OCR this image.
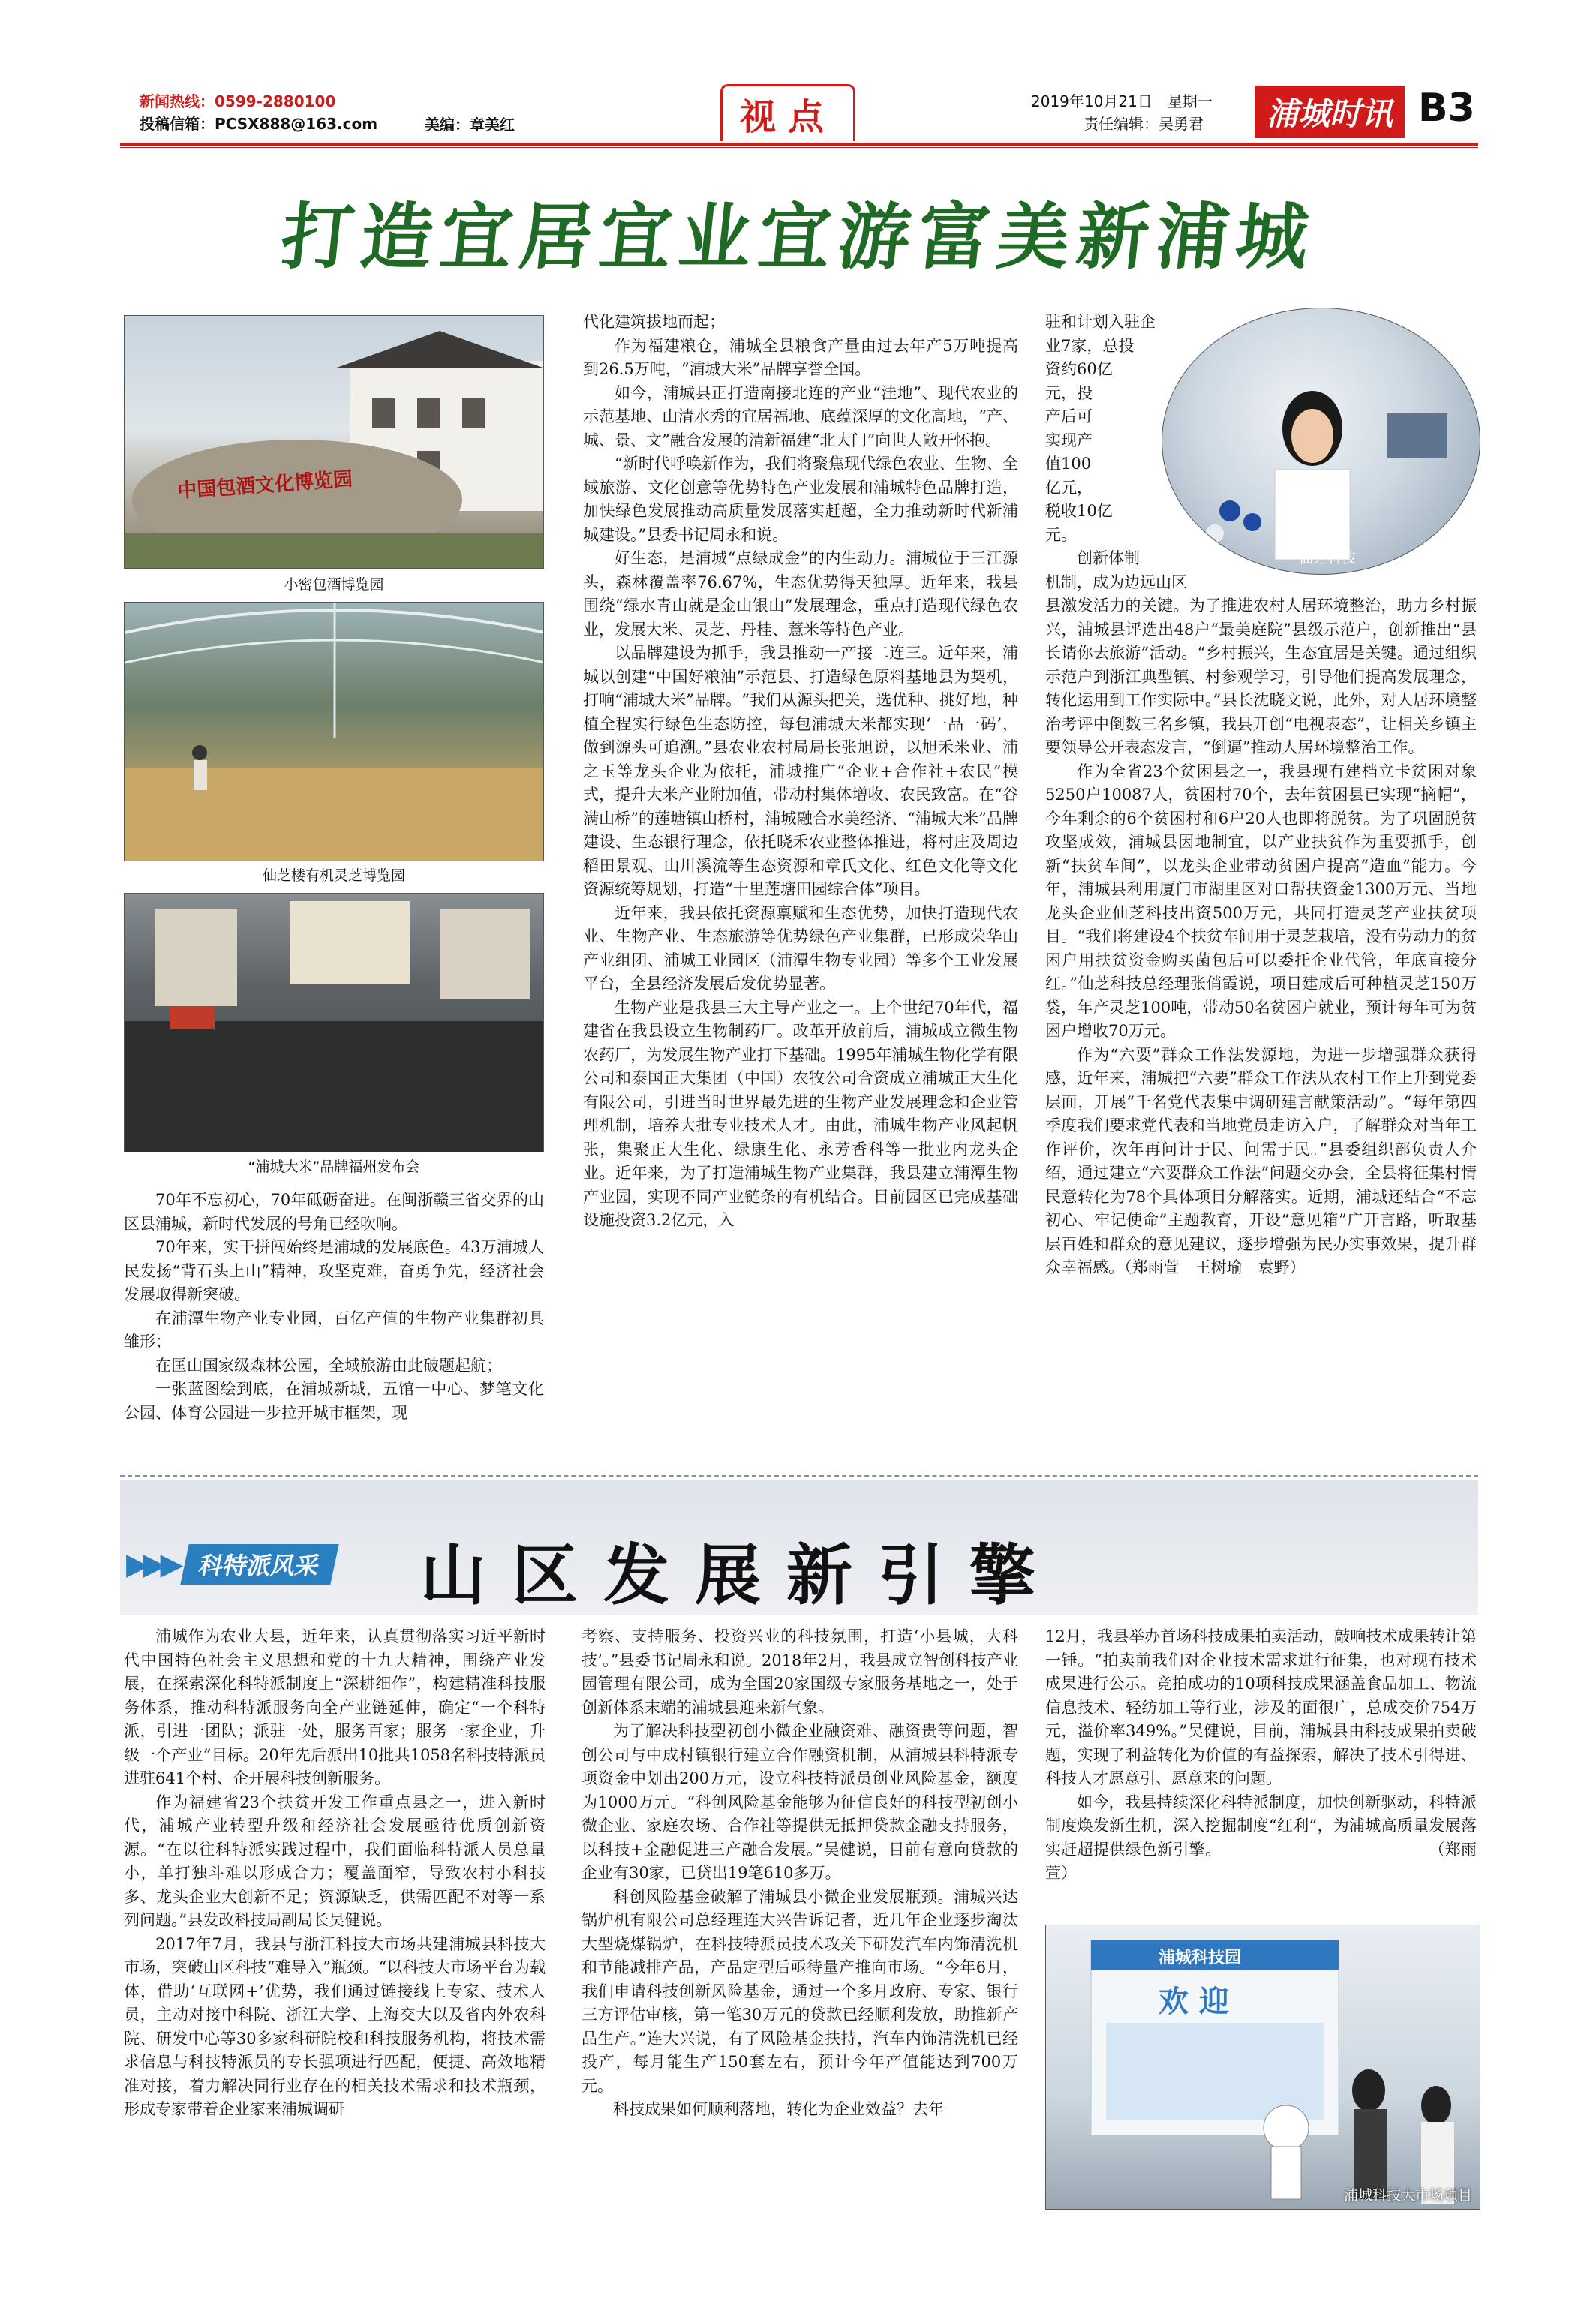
新闻热线：0599-2880100
投稿信箱：PCSX888@163.com	美编：章美红	视点	2019年10月21日　星期一
责任编辑：吴勇君	浦城时讯 B3
打造宜居宜业宜游富美新浦城
中国包酒文化博览园
小密包酒博览园
仙芝楼有机灵芝博览园
“浦城大米”品牌福州发布会

70年不忘初心，70年砥砺奋进。在闽浙赣三省交界的山区县浦城，新时代发展的号角已经吹响。

70年来，实干拼闯始终是浦城的发展底色。43万浦城人民发扬“背石头上山”精神，攻坚克难，奋勇争先，经济社会发展取得新突破。

在浦潭生物产业专业园，百亿产值的生物产业集群初具雏形；

在匡山国家级森林公园，全域旅游由此破题起航；

一张蓝图绘到底，在浦城新城，五馆一中心、梦笔文化公园、体育公园进一步拉开城市框架，现

代化建筑拔地而起；

作为福建粮仓，浦城全县粮食产量由过去年产5万吨提高到26.5万吨，“浦城大米”品牌享誉全国。

如今，浦城县正打造南接北连的产业“洼地”、现代农业的示范基地、山清水秀的宜居福地、底蕴深厚的文化高地，“产、城、景、文”融合发展的清新福建“北大门”向世人敞开怀抱。

“新时代呼唤新作为，我们将聚焦现代绿色农业、生物、全域旅游、文化创意等优势特色产业发展和浦城特色品牌打造，加快绿色发展推动高质量发展落实赶超，全力推动新时代新浦城建设。”县委书记周永和说。

好生态，是浦城“点绿成金”的内生动力。浦城位于三江源头，森林覆盖率76.67%，生态优势得天独厚。近年来，我县围绕“绿水青山就是金山银山”发展理念，重点打造现代绿色农业，发展大米、灵芝、丹桂、薏米等特色产业。

以品牌建设为抓手，我县推动一产接二连三。近年来，浦城以创建“中国好粮油”示范县、打造绿色原料基地县为契机，打响“浦城大米”品牌。“我们从源头把关，选优种、挑好地，种植全程实行绿色生态防控，每包浦城大米都实现‘一品一码’，做到源头可追溯。”县农业农村局局长张旭说，以旭禾米业、浦之玉等龙头企业为依托，浦城推广“企业+合作社+农民”模式，提升大米产业附加值，带动村集体增收、农民致富。在“谷满山桥”的莲塘镇山桥村，浦城融合水美经济、“浦城大米”品牌建设、生态银行理念，依托晓禾农业整体推进，将村庄及周边稻田景观、山川溪流等生态资源和章氏文化、红色文化等文化资源统筹规划，打造“十里莲塘田园综合体”项目。

近年来，我县依托资源禀赋和生态优势，加快打造现代农业、生物产业、生态旅游等优势绿色产业集群，已形成荣华山产业组团、浦城工业园区（浦潭生物专业园）等多个工业发展平台，全县经济发展后发优势显著。

生物产业是我县三大主导产业之一。上个世纪70年代，福建省在我县设立生物制药厂。改革开放前后，浦城成立微生物农药厂，为发展生物产业打下基础。1995年浦城生物化学有限公司和泰国正大集团（中国）农牧公司合资成立浦城正大生化有限公司，引进当时世界最先进的生物产业发展理念和企业管理机制，培养大批专业技术人才。由此，浦城生物产业风起帆张，集聚正大生化、绿康生化、永芳香科等一批业内龙头企业。近年来，为了打造浦城生物产业集群，我县建立浦潭生物产业园，实现不同产业链条的有机结合。目前园区已完成基础设施投资3.2亿元，入

驻和计划入驻企
业7家，总投
资约60亿
元，投
产后可
实现产
值100
亿元，
税收10亿
元。
　　创新体制
机制，成为边远山区
仙芝科技

县激发活力的关键。为了推进农村人居环境整治，助力乡村振兴，浦城县评选出48户“最美庭院”县级示范户，创新推出“县长请你去旅游”活动。“乡村振兴，生态宜居是关键。通过组织示范户到浙江典型镇、村参观学习，引导他们提高发展理念，转化运用到工作实际中。”县长沈晓文说，此外，对人居环境整治考评中倒数三名乡镇，我县开创“电视表态”，让相关乡镇主要领导公开表态发言，“倒逼”推动人居环境整治工作。

作为全省23个贫困县之一，我县现有建档立卡贫困对象5250户10087人，贫困村70个，去年贫困县已实现“摘帽”，今年剩余的6个贫困村和6户20人也即将脱贫。为了巩固脱贫攻坚成效，浦城县因地制宜，以产业扶贫作为重要抓手，创新“扶贫车间”，以龙头企业带动贫困户提高“造血”能力。今年，浦城县利用厦门市湖里区对口帮扶资金1300万元、当地龙头企业仙芝科技出资500万元，共同打造灵芝产业扶贫项目。“我们将建设4个扶贫车间用于灵芝栽培，没有劳动力的贫困户用扶贫资金购买菌包后可以委托企业代管，年底直接分红。”仙芝科技总经理张俏霞说，项目建成后可种植灵芝150万袋，年产灵芝100吨，带动50名贫困户就业，预计每年可为贫困户增收70万元。

作为“六要”群众工作法发源地，为进一步增强群众获得感，近年来，浦城把“六要”群众工作法从农村工作上升到党委层面，开展“千名党代表集中调研建言献策活动”。“每年第四季度我们要求党代表和当地党员走访入户，了解群众对当年工作评价，次年再问计于民、问需于民。”县委组织部负责人介绍，通过建立“六要群众工作法”问题交办会，全县将征集村情民意转化为78个具体项目分解落实。近期，浦城还结合“不忘初心、牢记使命”主题教育，开设“意见箱”广开言路，听取基层百姓和群众的意见建议，逐步增强为民办实事效果，提升群众幸福感。（郑雨萱　王树瑜　袁野）

▶▶▶ 科特派风采 山区发展新引擎

浦城作为农业大县，近年来，认真贯彻落实习近平新时代中国特色社会主义思想和党的十九大精神，围绕产业发展，在探索深化科特派制度上“深耕细作”，构建精准科技服务体系，推动科特派服务向全产业链延伸，确定“一个科特派，引进一团队；派驻一处，服务百家；服务一家企业，升级一个产业”目标。20年先后派出10批共1058名科技特派员进驻641个村、企开展科技创新服务。

作为福建省23个扶贫开发工作重点县之一，进入新时代，浦城产业转型升级和经济社会发展亟待优质创新资源。“在以往科特派实践过程中，我们面临科特派人员总量小，单打独斗难以形成合力；覆盖面窄，导致农村小科技多、龙头企业大创新不足；资源缺乏，供需匹配不对等一系列问题。”县发改科技局副局长吴健说。

2017年7月，我县与浙江科技大市场共建浦城县科技大市场，突破山区科技“难导入”瓶颈。“以科技大市场平台为载体，借助‘互联网+’优势，我们通过链接线上专家、技术人员，主动对接中科院、浙江大学、上海交大以及省内外农科院、研发中心等30多家科研院校和科技服务机构，将技术需求信息与科技特派员的专长强项进行匹配，便捷、高效地精准对接，着力解决同行业存在的相关技术需求和技术瓶颈，形成专家带着企业家来浦城调研

考察、支持服务、投资兴业的科技氛围，打造‘小县城，大科技’。”县委书记周永和说。2018年2月，我县成立智创科技产业园管理有限公司，成为全国20家国级专家服务基地之一，处于创新体系末端的浦城县迎来新气象。

为了解决科技型初创小微企业融资难、融资贵等问题，智创公司与中成村镇银行建立合作融资机制，从浦城县科特派专项资金中划出200万元，设立科技特派员创业风险基金，额度为1000万元。“科创风险基金能够为征信良好的科技型初创小微企业、家庭农场、合作社等提供无抵押贷款金融支持服务，以科技+金融促进三产融合发展。”吴健说，目前有意向贷款的企业有30家，已贷出19笔610多万。

科创风险基金破解了浦城县小微企业发展瓶颈。浦城兴达锅炉机有限公司总经理连大兴告诉记者，近几年企业逐步淘汰大型烧煤锅炉，在科技特派员技术攻关下研发汽车内饰清洗机和节能减排产品，产品定型后亟待量产推向市场。“今年6月，我们申请科技创新风险基金，通过一个多月政府、专家、银行三方评估审核，第一笔30万元的贷款已经顺利发放，助推新产品生产。”连大兴说，有了风险基金扶持，汽车内饰清洗机已经投产，每月能生产150套左右，预计今年产值能达到700万元。

科技成果如何顺利落地，转化为企业效益？去年

12月，我县举办首场科技成果拍卖活动，敲响技术成果转让第一锤。“拍卖前我们对企业技术需求进行征集，也对现有技术成果进行公示。竞拍成功的10项科技成果涵盖食品加工、物流信息技术、轻纺加工等行业，涉及的面很广，总成交价754万元，溢价率349%。”吴健说，目前，浦城县由科技成果拍卖破题，实现了利益转化为价值的有益探索，解决了技术引得进、科技人才愿意引、愿意来的问题。

如今，我县持续深化科特派制度，加快创新驱动，科特派制度焕发新生机，深入挖掘制度“红利”，为浦城高质量发展落实赶超提供绿色新引擎。　　　　　　　　　　　　　　（郑雨萱）

浦城科技园
欢 迎
浦城科技大市场项目
